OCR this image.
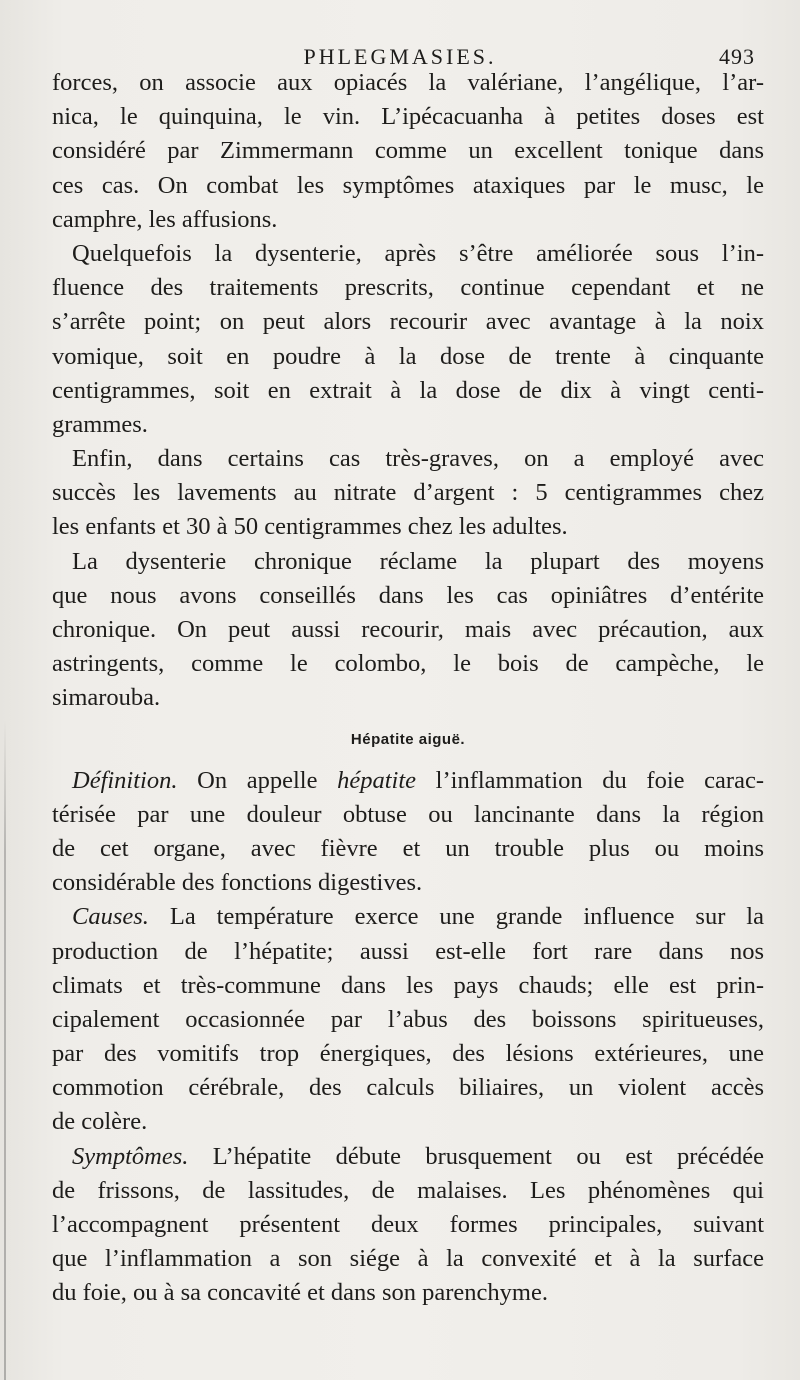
PHLEGMASIES.	493
forces, on associe aux opiacés la valériane, l’angélique, l’ar-
nica, le quinquina, le vin. L’ipécacuanha à petites doses est
considéré par Zimmermann comme un excellent tonique dans
ces cas. On combat les symptômes ataxiques par le musc, le
camphre, les affusions.
Quelquefois la dysenterie, après s’être améliorée sous l’in-
fluence des traitements prescrits, continue cependant et ne
s’arrête point; on peut alors recourir avec avantage à la noix
vomique, soit en poudre à la dose de trente à cinquante
centigrammes, soit en extrait à la dose de dix à vingt centi-
grammes.
Enfin, dans certains cas très-graves, on a employé avec
succès les lavements au nitrate d’argent : 5 centigrammes chez
les enfants et 30 à 50 centigrammes chez les adultes.
La dysenterie chronique réclame la plupart des moyens
que nous avons conseillés dans les cas opiniâtres d’entérite
chronique. On peut aussi recourir, mais avec précaution, aux
astringents, comme le colombo, le bois de campèche, le
simarouba.
Hépatite aiguë.
Définition. On appelle hépatite l’inflammation du foie carac-
térisée par une douleur obtuse ou lancinante dans la région
de cet organe, avec fièvre et un trouble plus ou moins
considérable des fonctions digestives.
Causes. La température exerce une grande influence sur la
production de l’hépatite; aussi est-elle fort rare dans nos
climats et très-commune dans les pays chauds; elle est prin-
cipalement occasionnée par l’abus des boissons spiritueuses,
par des vomitifs trop énergiques, des lésions extérieures, une
commotion cérébrale, des calculs biliaires, un violent accès
de colère.
Symptômes. L’hépatite débute brusquement ou est précédée
de frissons, de lassitudes, de malaises. Les phénomènes qui
l’accompagnent présentent deux formes principales, suivant
que l’inflammation a son siége à la convexité et à la surface
du foie, ou à sa concavité et dans son parenchyme.
